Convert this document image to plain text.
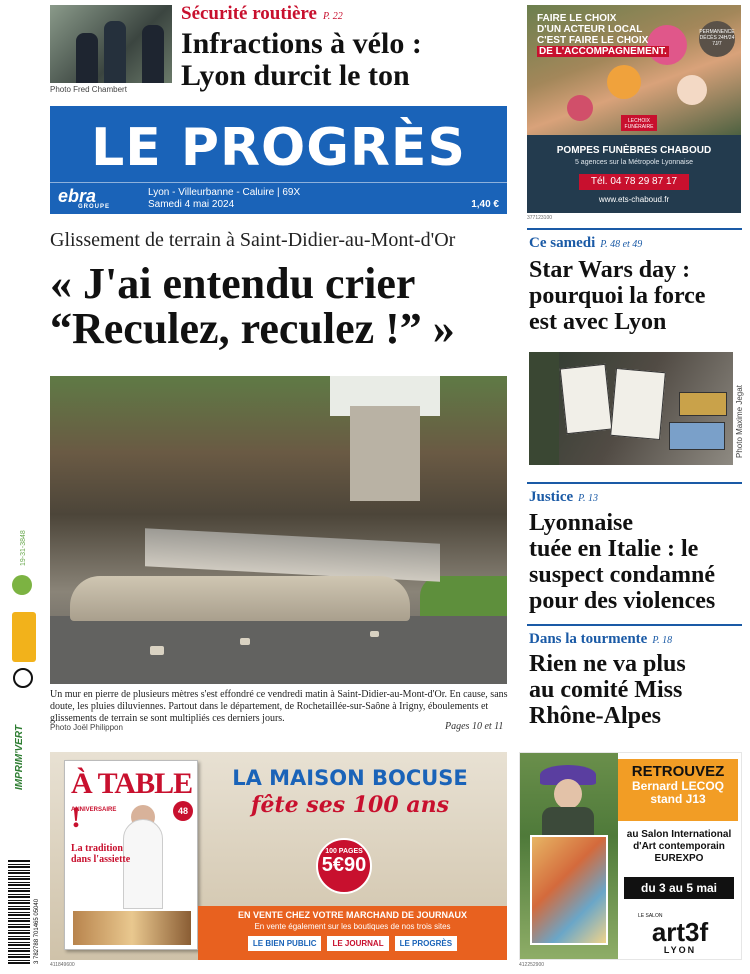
Photo Fred Chambert
Sécurité routière P. 22
Infractions à vélo :
Lyon durcit le ton
LE PROGRÈS
ebra
GROUPE
Lyon - Villeurbanne - Caluire | 69X
Samedi 4 mai 2024	1,40 €
FAIRE LE CHOIX
D'UN ACTEUR LOCAL
C'EST FAIRE LE CHOIX
DE L'ACCOMPAGNEMENT.
PERMANENCE DÉCÈS 24H/24 7J/7
LECHOIX FUNÉRAIRE
POMPES FUNÈBRES CHABOUD
5 agences sur la Métropole Lyonnaise
Tél. 04 78 29 87 17
www.ets-chaboud.fr
377123100
Glissement de terrain à Saint-Didier-au-Mont-d'Or
« J'ai entendu crier
“Reculez, reculez !” »
Un mur en pierre de plusieurs mètres s'est effondré ce vendredi matin à Saint-Didier-au-Mont-d'Or. En cause, sans doute, les pluies diluviennes. Partout dans le département, de Rochetaillée-sur-Saône à Irigny, éboulements et glissements de terrain se sont multipliés ces derniers jours.
Photo Joël Philippon	Pages 10 et 11
Ce samedi P. 48 et 49
Star Wars day :
pourquoi la force
est avec Lyon
Photo Maxime Jegat
Justice P. 13
Lyonnaise
tuée en Italie : le
suspect condamné
pour des violences
Dans la tourmente P. 18
Rien ne va plus
au comité Miss
Rhône-Alpes
À TABLE !
ANNIVERSAIRE	48
La tradition
dans l'assiette
LA MAISON BOCUSE
fête ses 100 ans
100 PAGES
5€90
EN VENTE CHEZ VOTRE MARCHAND DE JOURNAUX
En vente également sur les boutiques de nos trois sites
LE BIEN PUBLIC	LE JOURNAL	LE PROGRÈS
411849600
RETROUVEZ
Bernard LECOQ
stand J13
au Salon International d'Art contemporain EUREXPO
du 3 au 5 mai
LE SALON
art3f
LYON
412252900
19-31-3848
IMPRIM'VERT
3 782788 701465 05040
